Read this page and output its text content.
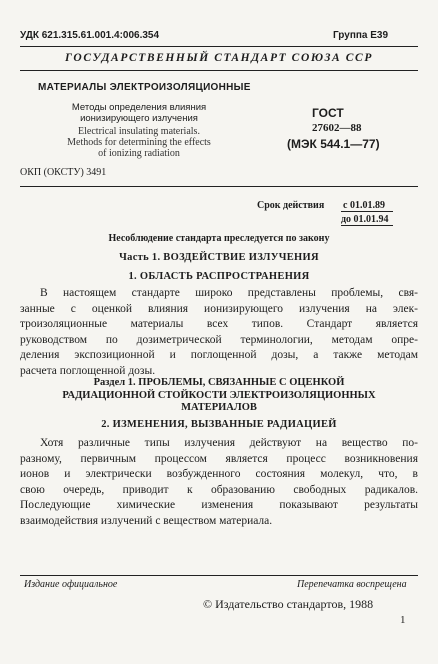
УДК 621.315.61.001.4:006.354	Группа Е39
ГОСУДАРСТВЕННЫЙ СТАНДАРТ СОЮЗА ССР
МАТЕРИАЛЫ ЭЛЕКТРОИЗОЛЯЦИОННЫЕ
Методы определения влияния
ионизирующего излучения
Electrical insulating materials.
Methods for determining the effects
of ionizing radiation
ОКП (ОКСТУ) 3491
ГОСТ
27602—88
(МЭК 544.1—77)
Срок действия с 01.01.89
до 01.01.94
Несоблюдение стандарта преследуется по закону
Часть 1. ВОЗДЕЙСТВИЕ ИЗЛУЧЕНИЯ
1. ОБЛАСТЬ РАСПРОСТРАНЕНИЯ

В настоящем стандарте широко представлены проблемы, свя-

занные с оценкой влияния ионизирующего излучения на элек-

троизоляционные материалы всех типов. Стандарт является

руководством по дозиметрической терминологии, методам опре-

деления экспозиционной и поглощенной дозы, а также методам

расчета поглощенной дозы.

Раздел 1. ПРОБЛЕМЫ, СВЯЗАННЫЕ С ОЦЕНКОЙ
РАДИАЦИОННОЙ СТОЙКОСТИ ЭЛЕКТРОИЗОЛЯЦИОННЫХ
МАТЕРИАЛОВ
2. ИЗМЕНЕНИЯ, ВЫЗВАННЫЕ РАДИАЦИЕЙ

Хотя различные типы излучения действуют на вещество по-

разному, первичным процессом является процесс возникновения

ионов и электрически возбужденного состояния молекул, что, в

свою очередь, приводит к образованию свободных радикалов.

Последующие химические изменения показывают результаты

взаимодействия излучений с веществом материала.

Издание официальное	Перепечатка воспрещена
© Издательство стандартов, 1988
1
